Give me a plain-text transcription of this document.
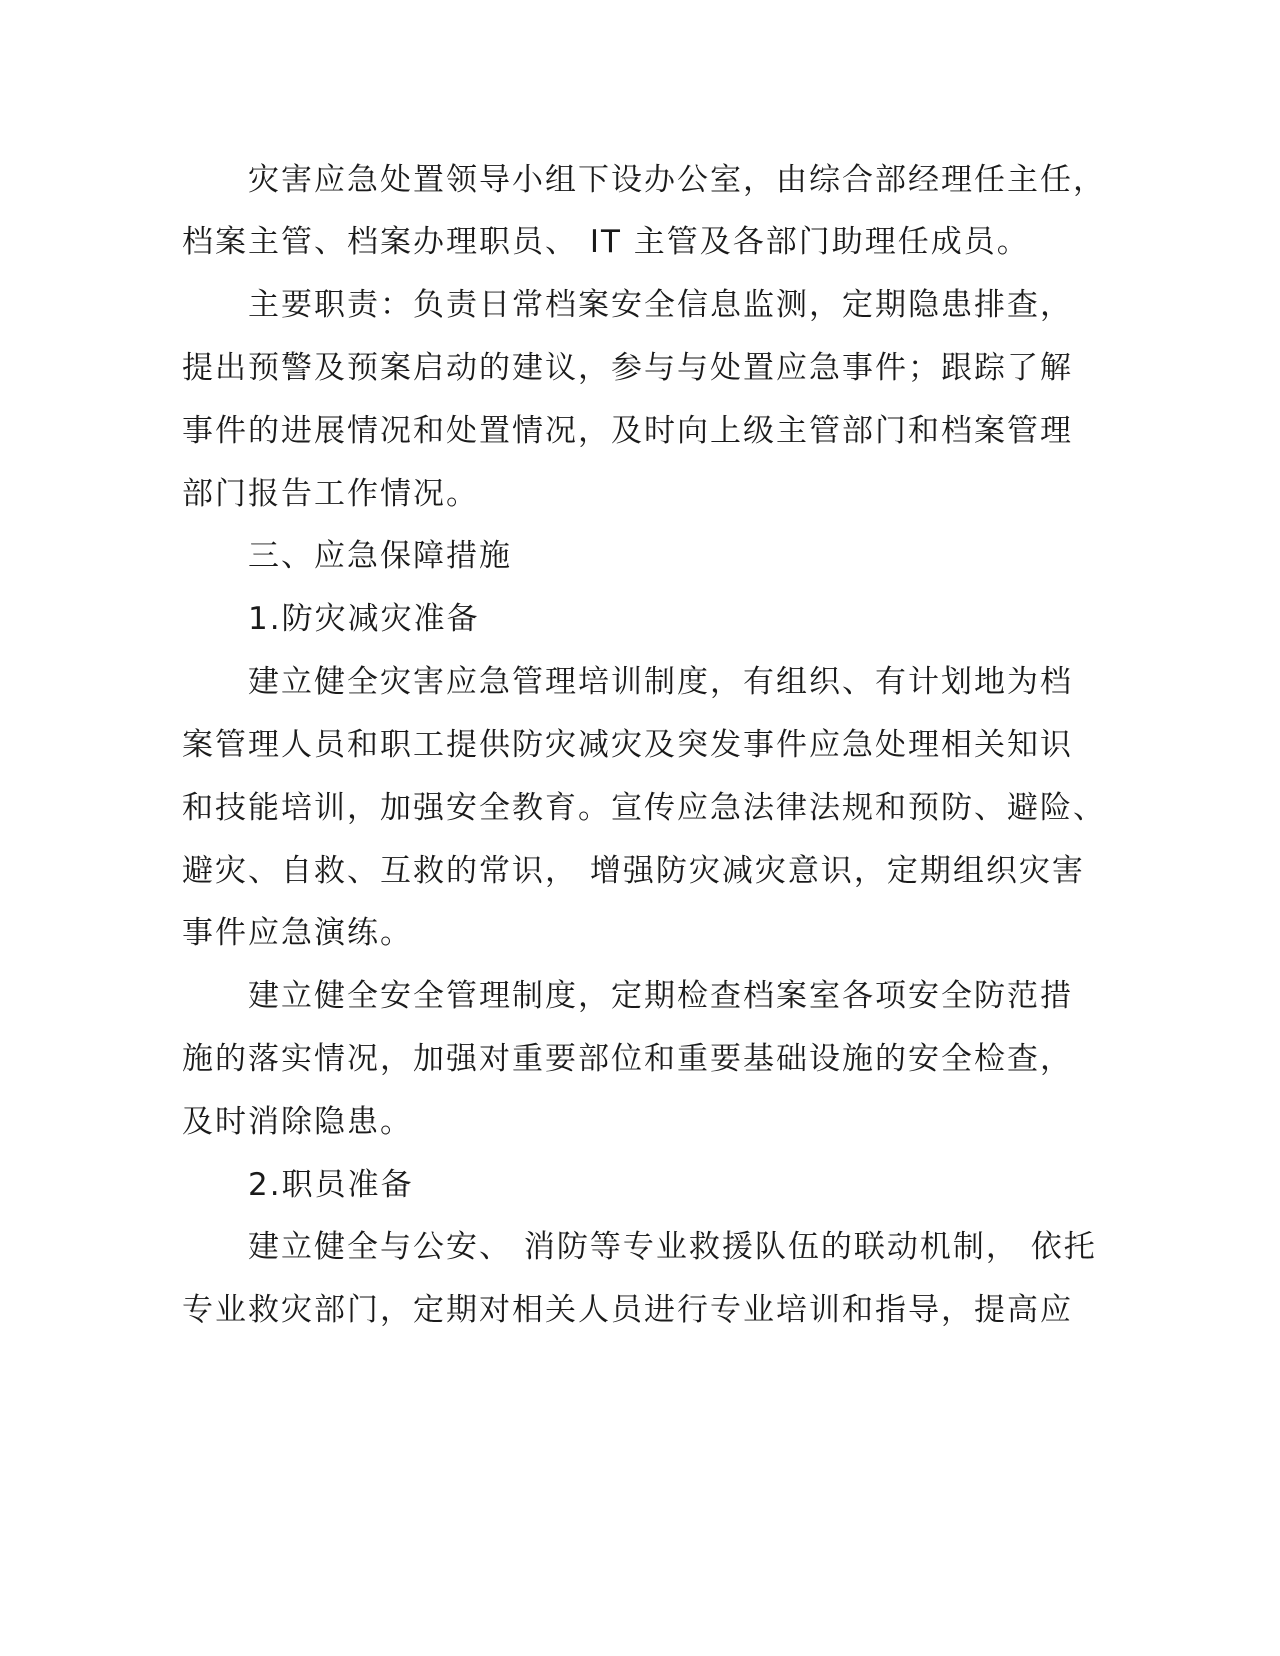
灾害应急处置领导小组下设办公室，由综合部经理任主任，
档案主管、档案办理职员、 IT 主管及各部门助理任成员。
主要职责：负责日常档案安全信息监测，定期隐患排查，
提出预警及预案启动的建议，参与与处置应急事件；跟踪了解
事件的进展情况和处置情况，及时向上级主管部门和档案管理
部门报告工作情况。
三、应急保障措施
1.防灾减灾准备
建立健全灾害应急管理培训制度，有组织、有计划地为档
案管理人员和职工提供防灾减灾及突发事件应急处理相关知识
和技能培训，加强安全教育。宣传应急法律法规和预防、避险、
避灾、自救、互救的常识， 增强防灾减灾意识，定期组织灾害
事件应急演练。
建立健全安全管理制度，定期检查档案室各项安全防范措
施的落实情况，加强对重要部位和重要基础设施的安全检查，
及时消除隐患。
2.职员准备
建立健全与公安、 消防等专业救援队伍的联动机制， 依托
专业救灾部门，定期对相关人员进行专业培训和指导，提高应
